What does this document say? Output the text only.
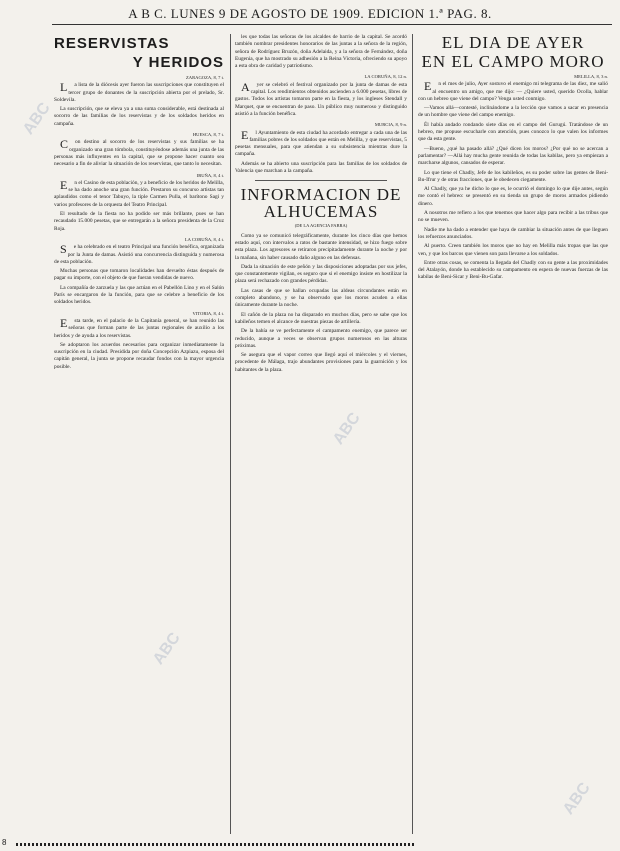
A B C. LUNES 9 DE AGOSTO DE 1909. EDICION 1.ª PAG. 8.
RESERVISTAS
Y HERIDOS
ZARAGOZA, 8, 7 t.
La lista de la diócesis ayer fueron las suscripciones que constituyen el tercer grupo de donantes de la suscripción abierta por el prelado, Sr. Soldevila.
La suscripción, que se eleva ya a una suma considerable, está destinada al socorro de las familias de los reservistas y de los soldados heridos en campaña.
HUESCA, 8, 7 t.
Con destino al socorro de los reservistas y sus familias se ha organizado una gran tómbola, constituyéndose además una junta de las personas más influyentes en la capital, que se propone hacer cuanto sea necesario a fin de aliviar la situación de los reservistas, que tanto lo necesitan.
IRUÑA, 8, 4 t.
En el Casino de esta población, y a beneficio de los heridos de Melilla, se ha dado anoche una gran función. Prestaron su concurso artistas tan aplaudidos como el tenor Tabuyo, la tiple Carmen Pulla, el barítono Sagi y varios profesores de la orquesta del Teatro Principal.
El resultado de la fiesta no ha podido ser más brillante, pues se han recaudado 15.000 pesetas, que se entregarán a la señora presidenta de la Cruz Roja.
LA CORUÑA, 8, 4 t.
Se ha celebrado en el teatro Principal una función benéfica, organizada por la Junta de damas. Asistió una concurrencia distinguida y numerosa de esta población.
Muchas personas que tomaron localidades han devuelto éstas después de pagar su importe, con el objeto de que fueran vendidas de nuevo.
La compañía de zarzuela y las que actúan en el Pabellón Lino y en el Salón París se encargaron de la función, para que se celebre a beneficio de los soldados heridos.
VITORIA, 8, 4 t.
Esta tarde, en el palacio de la Capitanía general, se han reunido las señoras que forman parte de las juntas regionales de auxilio a los heridos y de ayuda a los reservistas.
Se adoptaron los acuerdos necesarios para organizar inmediatamente la suscripción en la ciudad. Presidida por doña Concepción Azpiazu, esposa del capitán general, la junta se propone recaudar fondos con la mayor urgencia posible.
les que todas las señoras de los alcaldes de barrio de la capital. Se acordó también nombrar presidentes honorarios de las juntas a la señora de la región, señora de Rodríguez Bruzón, doña Adelaida, y a la señora de Fernández, doña Eugenia, que ha mostrado su adhesión a la Reina Victoria, ofreciendo su apoyo a esta obra de caridad y patriotismo.
LA CORUÑA, 8, 12 n.
Ayer se celebró el festival organizado por la junta de damas de esta capital. Los rendimientos obtenidos ascienden a 6.000 pesetas, libres de gastos. Todos los artistas tomaron parte en la fiesta, y los ingleses Stendall y Marquet, que se encuentran de paso. Un público muy numeroso y distinguido asistió a la función benéfica.
MURCIA, 8, 9 n.
El Ayuntamiento de esta ciudad ha acordado entregar a cada una de las familias pobres de los soldados que están en Melilla, y que reservistas, 5 pesetas mensuales, para que atiendan a su subsistencia mientras dure la campaña.
Además se ha abierto una suscripción para las familias de los soldados de Valencia que marchan a la campaña.
INFORMACION DE ALHUCEMAS
(DE LA AGENCIA FABRA)
Como ya se comunicó telegráficamente, durante los cinco días que hemos estado aquí, con intervalos a ratos de bastante intensidad, se hizo fuego sobre esta plaza. Los agresores se retiraron precipitadamente durante la noche y por la mañana, sin haber causado daño alguno en las defensas.
Dada la situación de este peñón y las disposiciones adoptadas por sus jefes, que constantemente vigilan, es seguro que si el enemigo insiste en hostilizar la plaza será rechazado con grandes pérdidas.
Las casas de que se hallan ocupadas las aldeas circundantes están en completo abandono, y se ha observado que los moros acuden a ellas únicamente durante la noche.
El cañón de la plaza no ha disparado en muchos días, pero se sabe que los kabileños temen el alcance de nuestras piezas de artillería.
De la bahía se ve perfectamente el campamento enemigo, que parece ser reducido, aunque a veces se observan grupos numerosos en las alturas próximas.
Se asegura que el vapor correo que llegó aquí el miércoles y el viernes, procedente de Málaga, trajo abundantes provisiones para la guarnición y los habitantes de la plaza.
EL DIA DE AYER
EN EL CAMPO MORO
MELILLA, 8, 3 n.
En el mes de julio, Ayer sostuvo el enemigo mi telegrama de las diez, me salió al encuentro un amigo, que me dijo: — ¿Quiere usted, querido Ocolla, hablar con un hebreo que viene del campo? Venga usted conmigo.
—Vamos allá—contesté, inclinándome a la lección que vamos a sacar en presencia de un hombre que viene del campo enemigo.
Él había andado rondando siete días en el campo del Gurugú. Tratándose de un hebreo, me propuse escucharle con atención, pues conozco lo que valen los informes que da esta gente.
—Bueno, ¿qué ha pasado allá? ¿Qué dicen los moros? ¿Por qué no se acercan a parlamentar? —Allá hay mucha gente reunida de todas las kabilas, pero ya empiezan a marcharse algunos, cansados de esperar.
Lo que tiene el Chadly, Jefe de los kabileños, es su poder sobre las gentes de Beni-Bu-Ifrur y de otras fracciones, que le obedecen ciegamente.
Al Chadly, que ya he dicho lo que es, le ocurrió el domingo lo que dije antes, según me contó el hebreo: se presentó en su tienda un grupo de moros armados pidiendo dinero.
A nosotros me refiero a los que tenemos que hacer algo para recibir a las tribus que no se mueven.
Nadie me ha dado a entender que haya de cambiar la situación antes de que lleguen los refuerzos anunciados.
Al puerto. Creen también los moros que no hay en Melilla más tropas que las que ven, y que los barcos que vienen son para llevarse a los soldados.
Entre otras cosas, se comenta la llegada del Chadly con su gente a las proximidades del Atalayón, donde ha establecido su campamento en espera de nuevas fuerzas de las kabilas de Beni-Sicar y Beni-Bu-Gafar.
ABC
ABC
ABC
ABC
8
